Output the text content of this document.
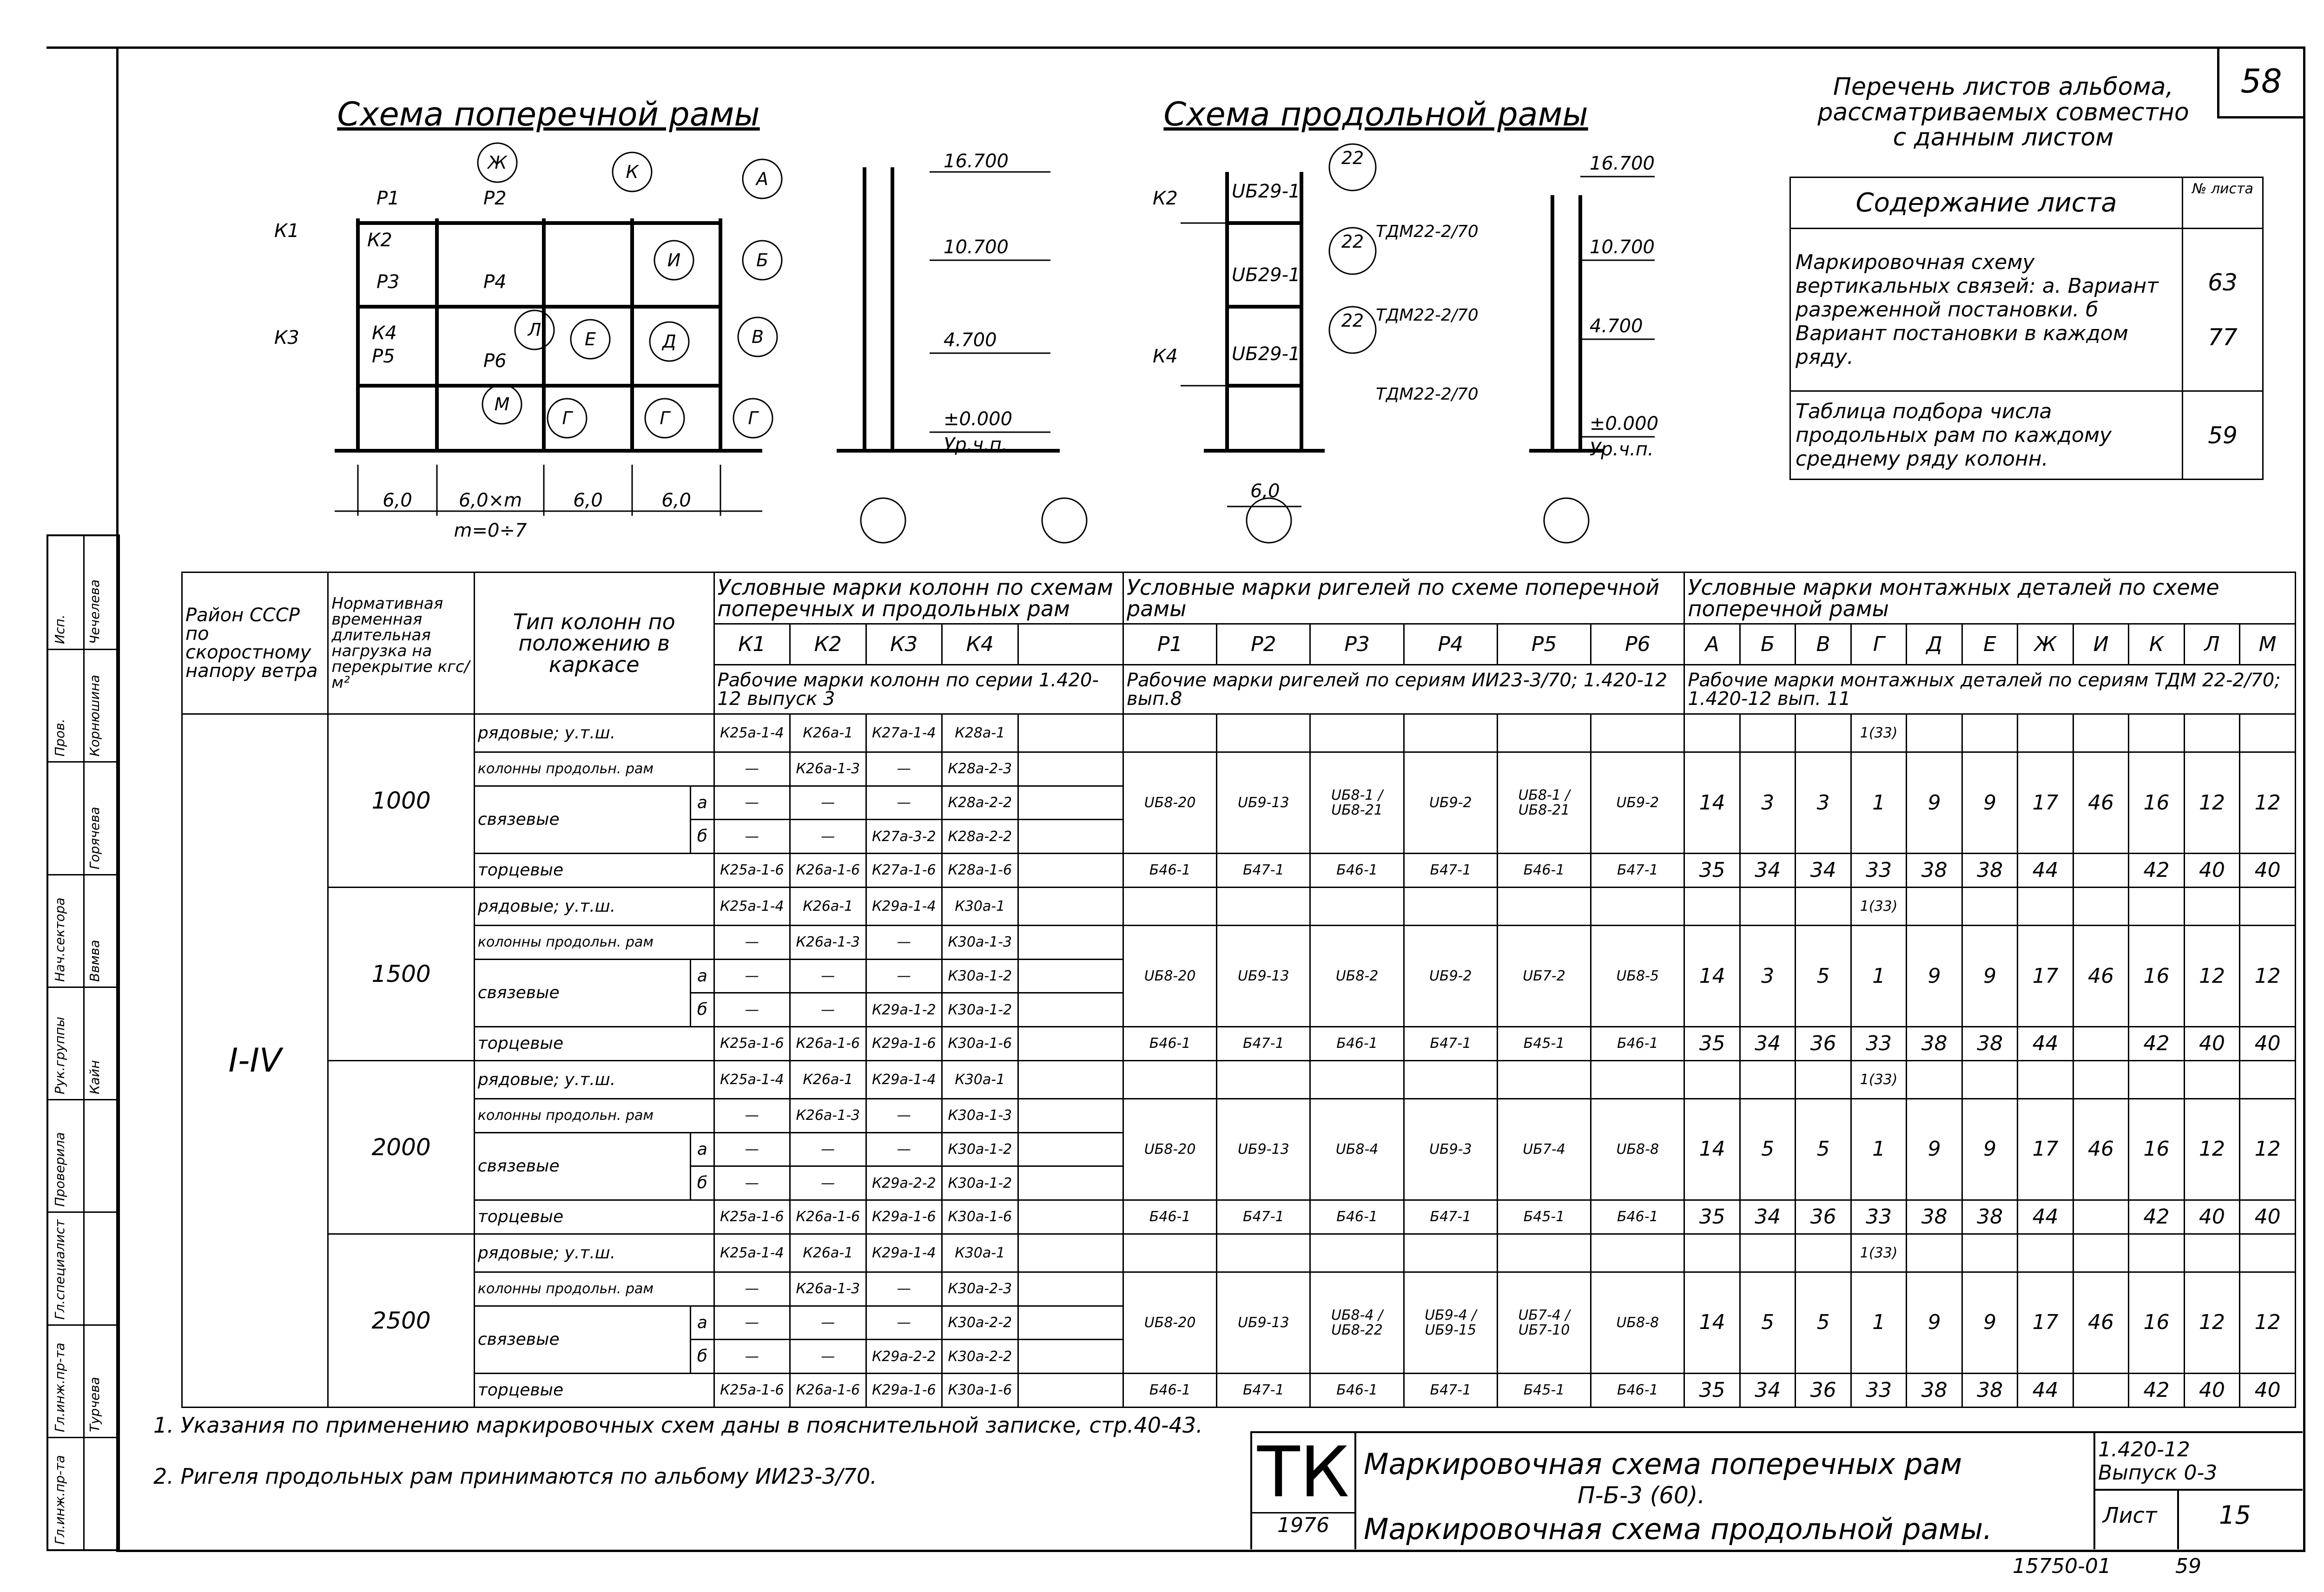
58
Исп. Чечелева
Пров. Корнюшина
Горячева
Нач.сектора Ввмва
Рук.группы Кайн
Проверила
Гл.специалист
Гл.инж.пр-та Турчева
Гл.инж.пр-та
Схема поперечной рамы
К1	К2
К3	К4
Р1	Р2
Р3	Р4
Р5	Р6
Ж	К	А
И	Б
Л Е	Д	В
М
Г	Г	Г
6,0	6,0×m	6,0	6,0
m=0÷7
16.700
10.700
4.700
±0.000
Ур.ч.п.
Схема продольной рамы
К2
К4
UБ29-1
UБ29-1
UБ29-1
ТДМ22-2/70
ТДМ22-2/70
ТДМ22-2/70
6,0
16.700
10.700
4.700
±0.000
Ур.ч.п.
22
22
22
Перечень листов альбома,
рассматриваемых совместно
с данным листом
Содержание листа	№ листа
Маркировочная схему вертикальных связей: а. Вариант разреженной постановки. б Вариант постановки в каждом ряду.	63
77

Таблица подбора числа продольных рам по каждому среднему ряду колонн.	59
Район СССР по скоростному напору ветра	Нормативная временная длительная нагрузка на перекрытие кгс/м²	Тип колонн по положению в каркасе		Условные марки колонн по схемам поперечных и продольных рам					Условные марки ригелей по схеме поперечной рамы						Условные марки монтажных деталей по схеме поперечной рамы										
				К1	К2	К3	К4		Р1	Р2	Р3	Р4	Р5	Р6	А	Б	В	Г	Д	Е	Ж	И	К	Л	М
				Рабочие марки колонн по серии 1.420-12 выпуск 3					Рабочие марки ригелей по сериям ИИ23-3/70; 1.420-12 вып.8						Рабочие марки монтажных деталей по сериям ТДМ 22-2/70; 1.420-12 вып. 11										
I-IV	1000	рядовые; у.т.ш.		К25а-1-4	К26а-1	К27а-1-4	К28а-1											1(33)							
		колонны продольн. рам		—	К26а-1-3	—	К28а-2-3		UБ8-20	UБ9-13	UБ8-1 / UБ8-21	UБ9-2	UБ8-1 / UБ8-21	UБ9-2	14	3	3	1	9	9	17	46	16	12	12
		связевые	а	—	—	—	К28а-2-2																		
			б	—	—	К27а-3-2	К28а-2-2																		
		торцевые		К25а-1-6	К26а-1-6	К27а-1-6	К28а-1-6		Б46-1	Б47-1	Б46-1	Б47-1	Б46-1	Б47-1	35	34	34	33	38	38	44		42	40	40
	1500	рядовые; у.т.ш.		К25а-1-4	К26а-1	К29а-1-4	К30а-1											1(33)							
		колонны продольн. рам		—	К26а-1-3	—	К30а-1-3		UБ8-20	UБ9-13	UБ8-2	UБ9-2	UБ7-2	UБ8-5	14	3	5	1	9	9	17	46	16	12	12
		связевые	а	—	—	—	К30а-1-2																		
			б	—	—	К29а-1-2	К30а-1-2																		
		торцевые		К25а-1-6	К26а-1-6	К29а-1-6	К30а-1-6		Б46-1	Б47-1	Б46-1	Б47-1	Б45-1	Б46-1	35	34	36	33	38	38	44		42	40	40
	2000	рядовые; у.т.ш.		К25а-1-4	К26а-1	К29а-1-4	К30а-1											1(33)							
		колонны продольн. рам		—	К26а-1-3	—	К30а-1-3		UБ8-20	UБ9-13	UБ8-4	UБ9-3	UБ7-4	UБ8-8	14	5	5	1	9	9	17	46	16	12	12
		связевые	а	—	—	—	К30а-1-2																		
			б	—	—	К29а-2-2	К30а-1-2																		
		торцевые		К25а-1-6	К26а-1-6	К29а-1-6	К30а-1-6		Б46-1	Б47-1	Б46-1	Б47-1	Б45-1	Б46-1	35	34	36	33	38	38	44		42	40	40
	2500	рядовые; у.т.ш.		К25а-1-4	К26а-1	К29а-1-4	К30а-1											1(33)							
		колонны продольн. рам		—	К26а-1-3	—	К30а-2-3		UБ8-20	UБ9-13	UБ8-4 / UБ8-22	UБ9-4 / UБ9-15	UБ7-4 / UБ7-10	UБ8-8	14	5	5	1	9	9	17	46	16	12	12
		связевые	а	—	—	—	К30а-2-2																		
			б	—	—	К29а-2-2	К30а-2-2																		
		торцевые		К25а-1-6	К26а-1-6	К29а-1-6	К30а-1-6		Б46-1	Б47-1	Б46-1	Б47-1	Б45-1	Б46-1	35	34	36	33	38	38	44		42	40	40
1. Указания по применению маркировочных схем даны в пояснительной записке, стр.40-43.
2. Ригеля продольных рам принимаются по альбому ИИ23-3/70.	ТК
1976
Маркировочная схема поперечных рам
П-Б-3 (60).
Маркировочная схема продольной рамы.
1.420-12
Выпуск 0-3
Лист 15
15750-01	59
